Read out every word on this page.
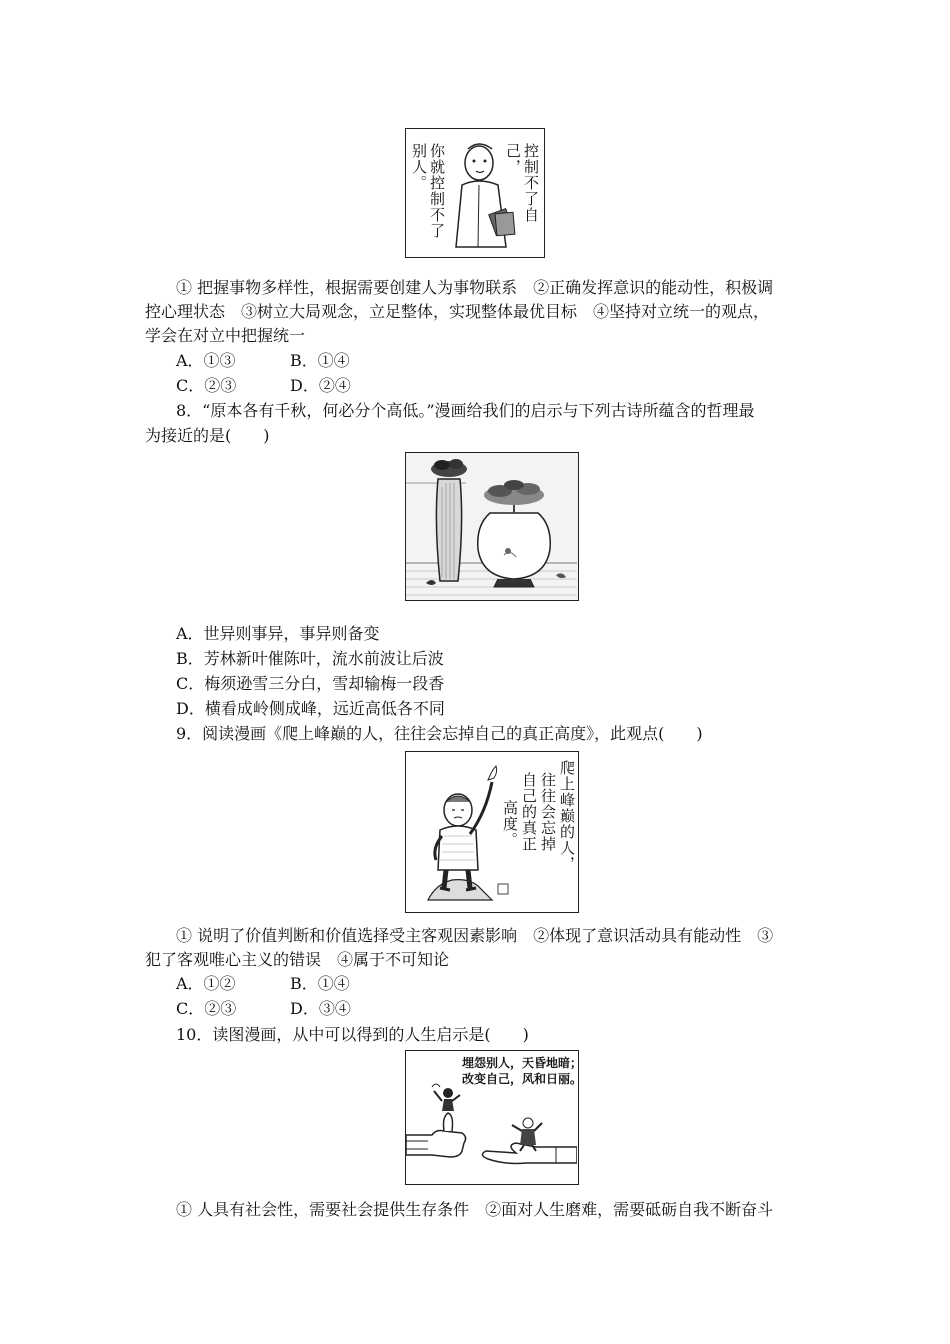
控制不了自己，
你就控制不了别人。
① 把握事物多样性，根据需要创建人为事物联系　②正确发挥意识的能动性，积极调
控心理状态　③树立大局观念，立足整体，实现整体最优目标　④坚持对立统一的观点，
学会在对立中把握统一
A．①③	B．①④
C．②③	D．②④
8．“原本各有千秋，何必分个高低。”漫画给我们的启示与下列古诗所蕴含的哲理最
为接近的是(　　)
A．世异则事异，事异则备变
B．芳林新叶催陈叶，流水前波让后波
C．梅须逊雪三分白，雪却输梅一段香
D．横看成岭侧成峰，远近高低各不同
9．阅读漫画《爬上峰巅的人，往往会忘掉自己的真正高度》，此观点(　　)
爬上峰巅的人，
往往会忘掉
自己的真正
高度。
① 说明了价值判断和价值选择受主客观因素影响　②体现了意识活动具有能动性　③
犯了客观唯心主义的错误　④属于不可知论
A．①②	B．①④
C．②③	D．③④
10．读图漫画，从中可以得到的人生启示是(　　)
埋怨别人，天昏地暗；
改变自己，风和日丽。
① 人具有社会性，需要社会提供生存条件　②面对人生磨难，需要砥砺自我不断奋斗
